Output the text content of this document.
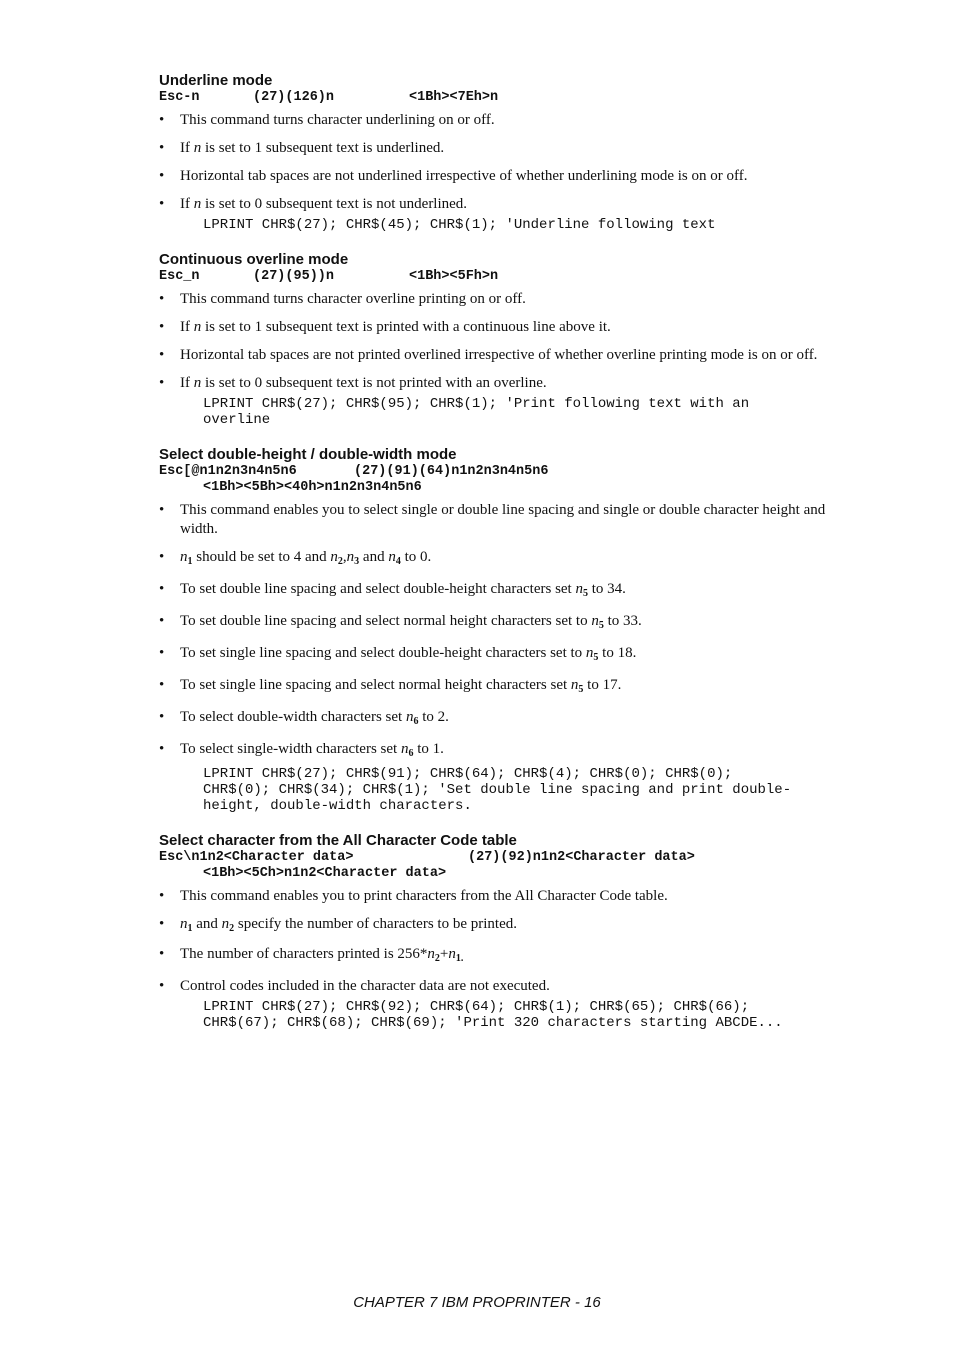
Underline mode
Esc-n	(27)(126)n	<1Bh><7Eh>n
• This command turns character underlining on or off.
• If n is set to 1 subsequent text is underlined.
• Horizontal tab spaces are not underlined irrespective of whether underlining mode is on or off.
• If n is set to 0 subsequent text is not underlined.
LPRINT CHR$(27); CHR$(45); CHR$(1); 'Underline following text
Continuous overline mode
Esc_n	(27)(95))n	<1Bh><5Fh>n
• This command turns character overline printing on or off.
• If n is set to 1 subsequent text is printed with a continuous line above it.
• Horizontal tab spaces are not printed overlined irrespective of whether overline printing mode is on or off.
• If n is set to 0 subsequent text is not printed with an overline.
LPRINT CHR$(27); CHR$(95); CHR$(1); 'Print following text with an
overline
Select double-height / double-width mode
Esc[@n1n2n3n4n5n6	(27)(91)(64)n1n2n3n4n5n6
<1Bh><5Bh><40h>n1n2n3n4n5n6
• This command enables you to select single or double line spacing and single or double character height and width.
• $n_1$ should be set to 4 and $n_2,n_3$ and $n_4$ to 0.
• To set double line spacing and select double-height characters set $n_5$ to 34.
• To set double line spacing and select normal height characters set to $n_5$ to 33.
• To set single line spacing and select double-height characters set to $n_5$ to 18.
• To set single line spacing and select normal height characters set $n_5$ to 17.
• To select double-width characters set $n_6$ to 2.
• To select single-width characters set $n_6$ to 1.
LPRINT CHR$(27); CHR$(91); CHR$(64); CHR$(4); CHR$(0); CHR$(0);
CHR$(0); CHR$(34); CHR$(1); 'Set double line spacing and print double-
height, double-width characters.
Select character from the All Character Code table
Esc\n1n2<Character data>	(27)(92)n1n2<Character data>
<1Bh><5Ch>n1n2<Character data>
• This command enables you to print characters from the All Character Code table.
• $n_1$ and $n_2$ specify the number of characters to be printed.
• The number of characters printed is $256*n_2+n_{1.}$
• Control codes included in the character data are not executed.
LPRINT CHR$(27); CHR$(92); CHR$(64); CHR$(1); CHR$(65); CHR$(66);
CHR$(67); CHR$(68); CHR$(69); 'Print 320 characters starting ABCDE...
CHAPTER 7 IBM PROPRINTER - 16
